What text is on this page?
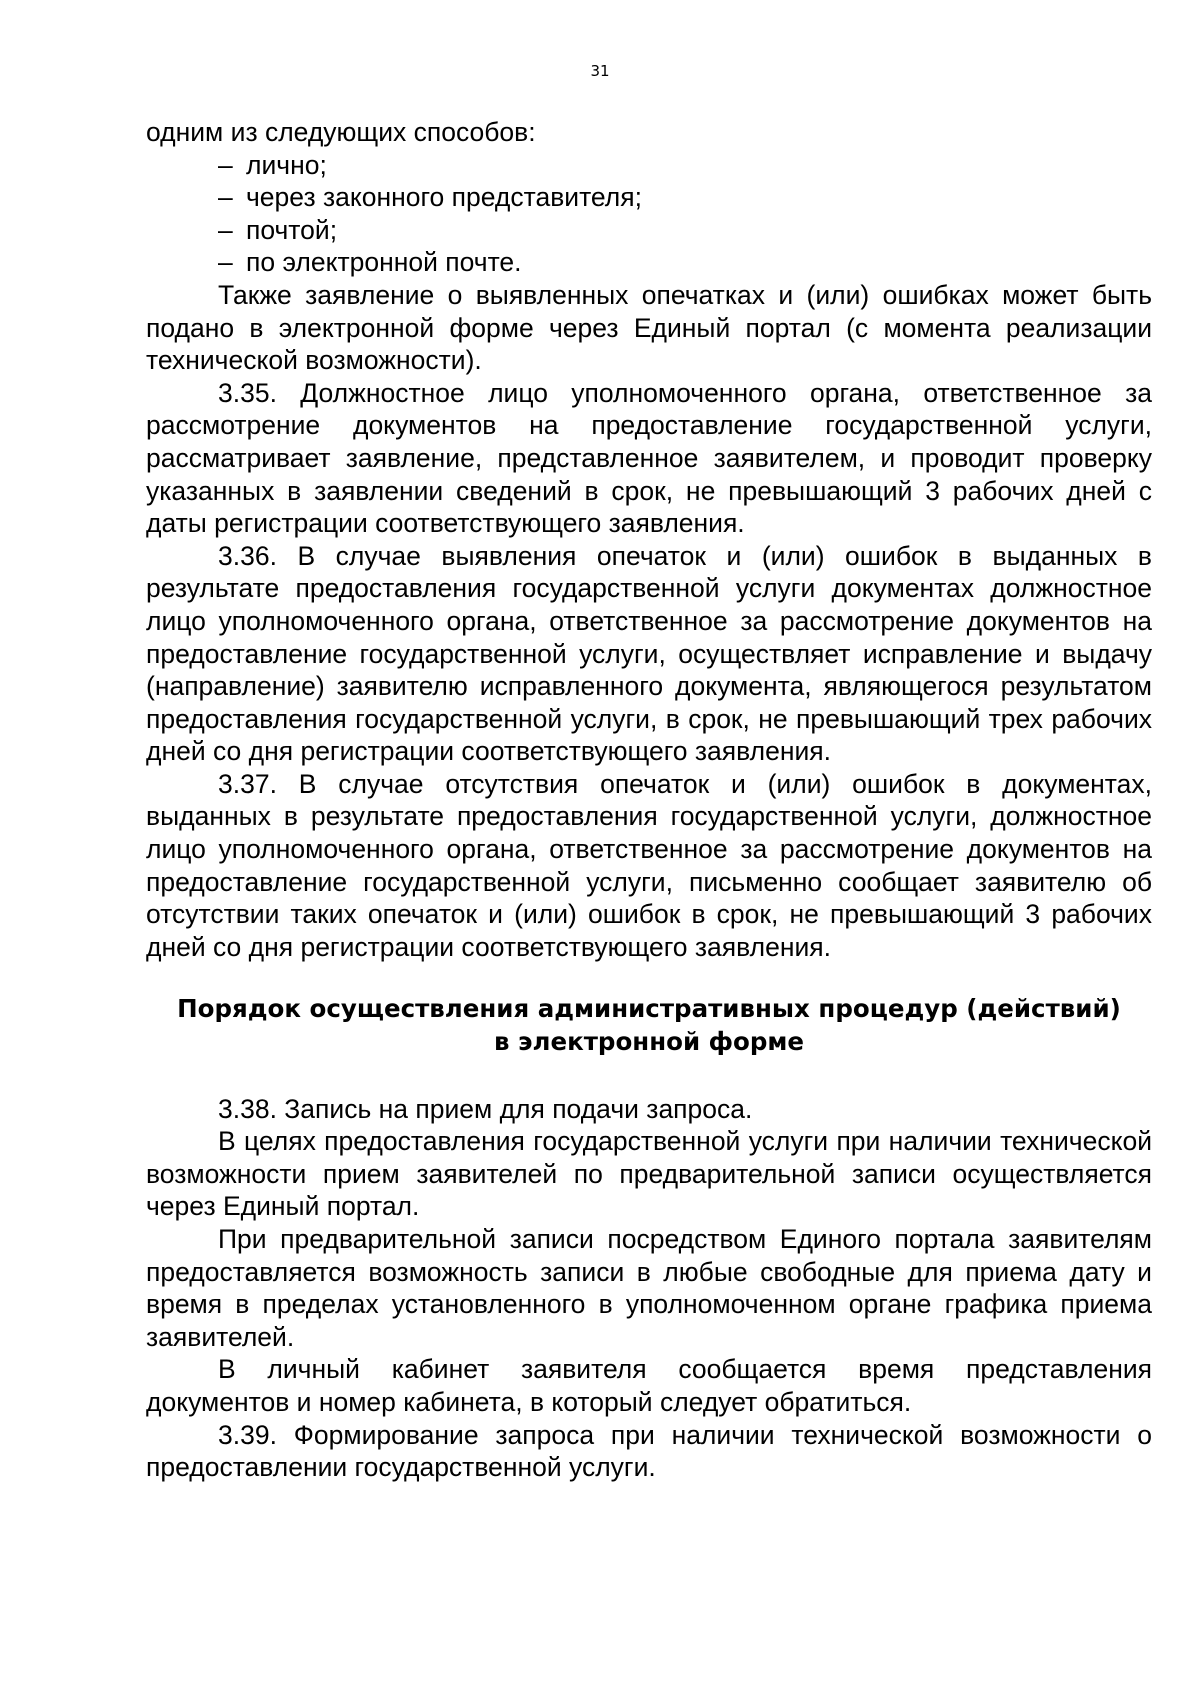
31

одним из следующих способов:

– лично;

– через законного представителя;

– почтой;

– по электронной почте.

Также заявление о выявленных опечатках и (или) ошибках может быть подано в электронной форме через Единый портал (с момента реализации технической возможности).

3.35. Должностное лицо уполномоченного органа, ответственное за рассмотрение документов на предоставление государственной услуги, рассматривает заявление, представленное заявителем, и проводит проверку указанных в заявлении сведений в срок, не превышающий 3 рабочих дней с даты регистрации соответствующего заявления.

3.36. В случае выявления опечаток и (или) ошибок в выданных в результате предоставления государственной услуги документах должностное лицо уполномоченного органа, ответственное за рассмотрение документов на предоставление государственной услуги, осуществляет исправление и выдачу (направление) заявителю исправленного документа, являющегося результатом предоставления государственной услуги, в срок, не превышающий трех рабочих дней со дня регистрации соответствующего заявления.

3.37. В случае отсутствия опечаток и (или) ошибок в документах, выданных в результате предоставления государственной услуги, должностное лицо уполномоченного органа, ответственное за рассмотрение документов на предоставление государственной услуги, письменно сообщает заявителю об отсутствии таких опечаток и (или) ошибок в срок, не превышающий 3 рабочих дней со дня регистрации соответствующего заявления.

Порядок осуществления административных процедур (действий)

в электронной форме

3.38. Запись на прием для подачи запроса.

В целях предоставления государственной услуги при наличии технической возможности прием заявителей по предварительной записи осуществляется через Единый портал.

При предварительной записи посредством Единого портала заявителям предоставляется возможность записи в любые свободные для приема дату и время в пределах установленного в уполномоченном органе графика приема заявителей.

В личный кабинет заявителя сообщается время представления документов и номер кабинета, в который следует обратиться.

3.39. Формирование запроса при наличии технической возможности о предоставлении государственной услуги.
